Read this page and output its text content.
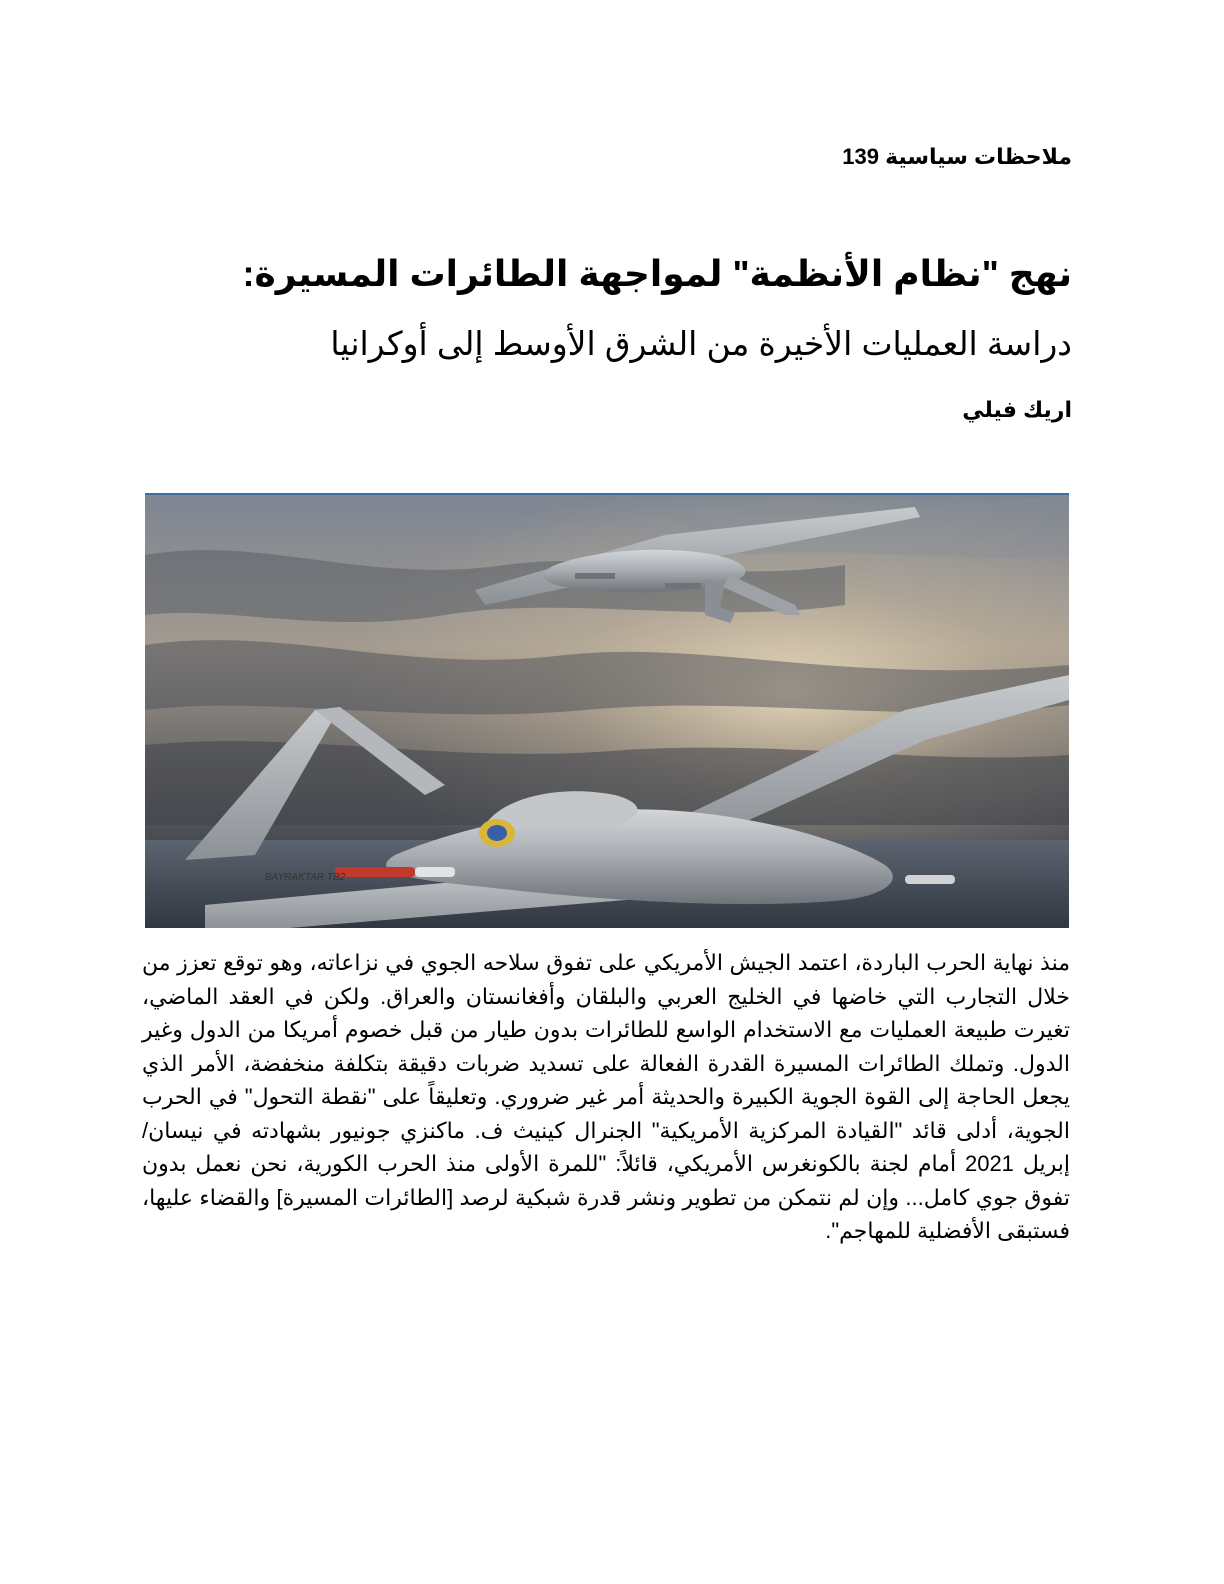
ملاحظات سياسية 139
نهج "نظام الأنظمة" لمواجهة الطائرات المسيرة:
دراسة العمليات الأخيرة من الشرق الأوسط إلى أوكرانيا
اريك فيلي
BAYRAKTAR TB2

منذ نهاية الحرب الباردة، اعتمد الجيش الأمريكي على تفوق سلاحه الجوي في نزاعاته، وهو توقع تعزز من خلال التجارب التي خاضها في الخليج العربي والبلقان وأفغانستان والعراق. ولكن في العقد الماضي، تغيرت طبيعة العمليات مع الاستخدام الواسع للطائرات بدون طيار من قبل خصوم أمريكا من الدول وغير الدول. وتملك الطائرات المسيرة القدرة الفعالة على تسديد ضربات دقيقة بتكلفة منخفضة، الأمر الذي يجعل الحاجة إلى القوة الجوية الكبيرة والحديثة أمر غير ضروري. وتعليقاً على "نقطة التحول" في الحرب الجوية، أدلى قائد "القيادة المركزية الأمريكية" الجنرال كينيث ف. ماكنزي جونيور بشهادته في نيسان/إبريل 2021 أمام لجنة بالكونغرس الأمريكي، قائلاً: "للمرة الأولى منذ الحرب الكورية، نحن نعمل بدون تفوق جوي كامل... وإن لم نتمكن من تطوير ونشر قدرة شبكية لرصد [الطائرات المسيرة] والقضاء عليها، فستبقى الأفضلية للمهاجم".
